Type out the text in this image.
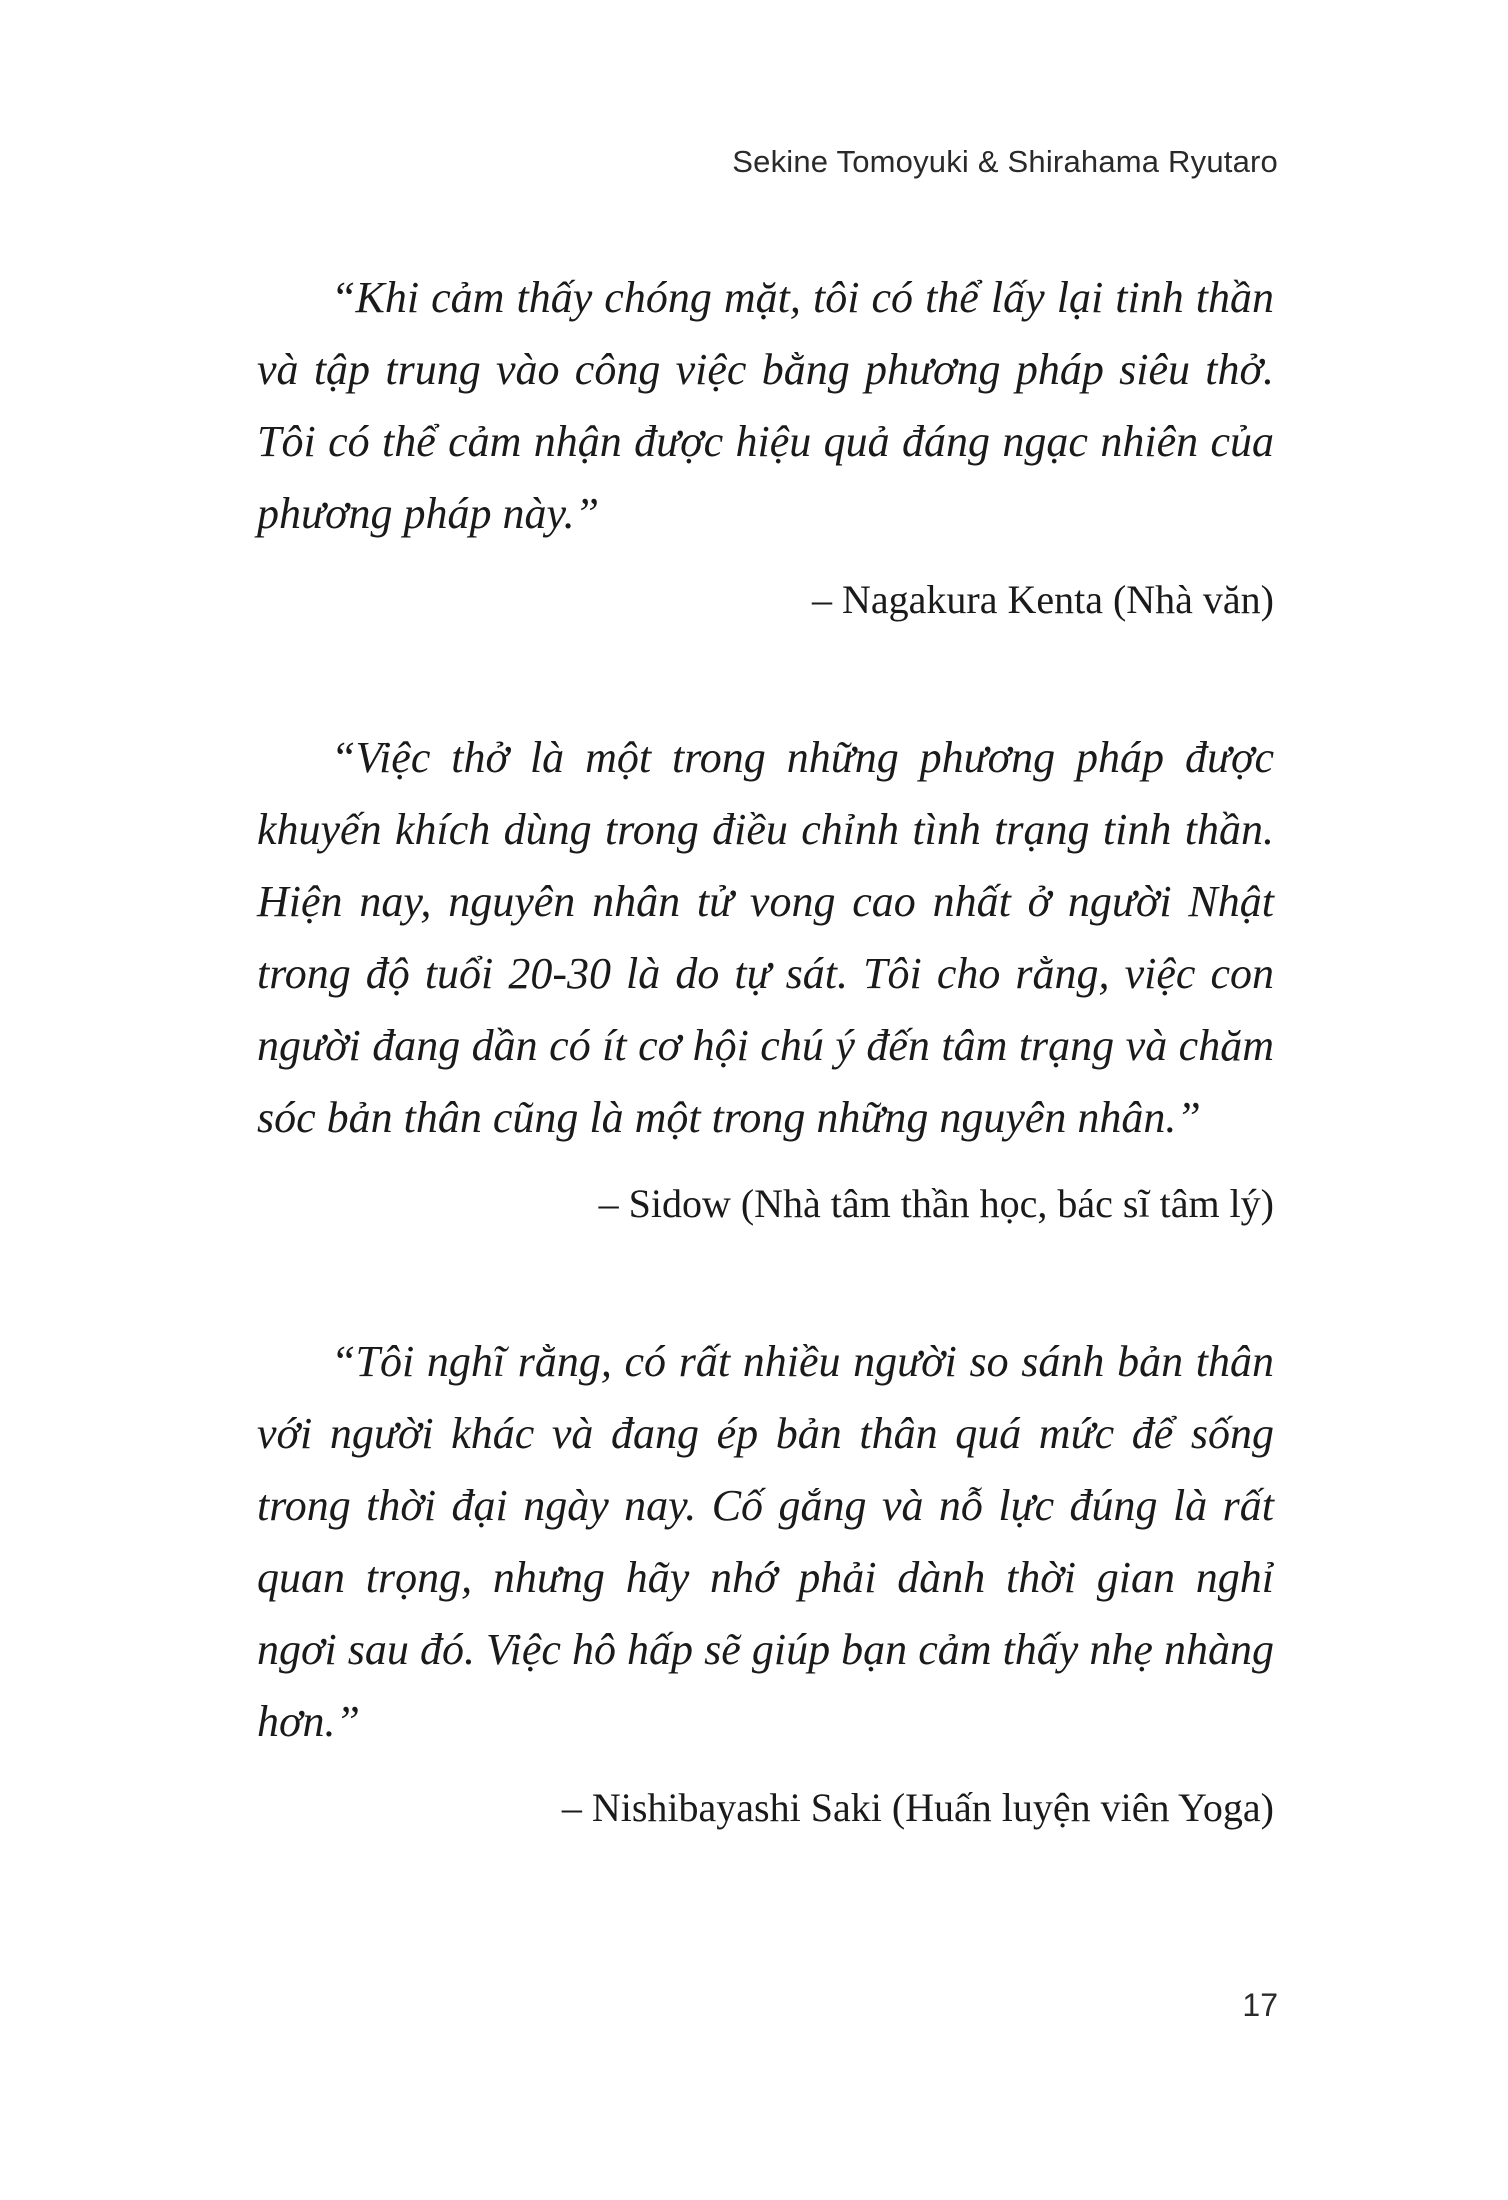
Sekine Tomoyuki & Shirahama Ryutaro

“Khi cảm thấy chóng mặt, tôi có thể lấy lại tinh thần và tập trung vào công việc bằng phương pháp siêu thở. Tôi có thể cảm nhận được hiệu quả đáng ngạc nhiên của phương pháp này.”

– Nagakura Kenta (Nhà văn)

“Việc thở là một trong những phương pháp được khuyến khích dùng trong điều chỉnh tình trạng tinh thần. Hiện nay, nguyên nhân tử vong cao nhất ở người Nhật trong độ tuổi 20-30 là do tự sát. Tôi cho rằng, việc con người đang dần có ít cơ hội chú ý đến tâm trạng và chăm sóc bản thân cũng là một trong những nguyên nhân.”

– Sidow (Nhà tâm thần học, bác sĩ tâm lý)

“Tôi nghĩ rằng, có rất nhiều người so sánh bản thân với người khác và đang ép bản thân quá mức để sống trong thời đại ngày nay. Cố gắng và nỗ lực đúng là rất quan trọng, nhưng hãy nhớ phải dành thời gian nghỉ ngơi sau đó. Việc hô hấp sẽ giúp bạn cảm thấy nhẹ nhàng hơn.”

– Nishibayashi Saki (Huấn luyện viên Yoga)

17
